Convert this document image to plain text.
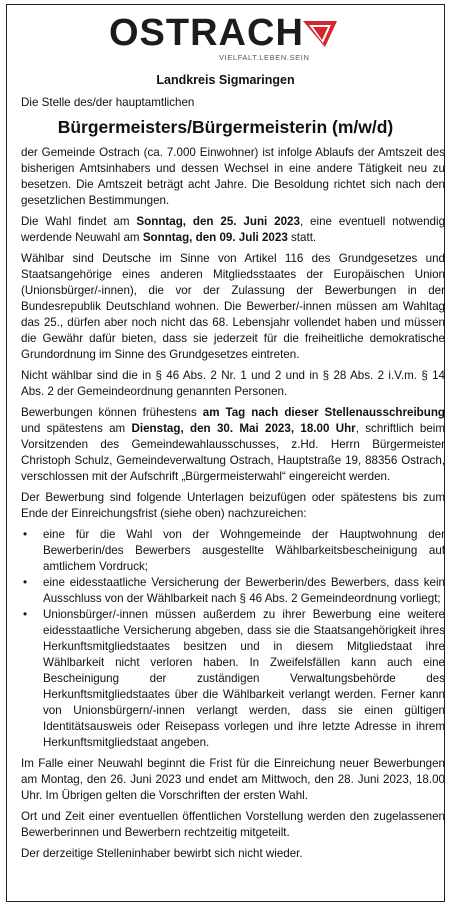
OSTRACH
VIELFALT.LEBEN.SEIN
Landkreis Sigmaringen
Die Stelle des/der hauptamtlichen
Bürgermeisters/Bürgermeisterin (m/w/d)

der Gemeinde Ostrach (ca. 7.000 Einwohner) ist infolge Ablaufs der Amtszeit des bisherigen Amtsinhabers und dessen Wechsel in eine andere Tätigkeit neu zu besetzen. Die Amtszeit beträgt acht Jahre. Die Besoldung richtet sich nach den gesetzlichen Bestimmungen.

Die Wahl findet am Sonntag, den 25. Juni 2023, eine eventuell notwendig werdende Neuwahl am Sonntag, den 09. Juli 2023 statt.

Wählbar sind Deutsche im Sinne von Artikel 116 des Grundgesetzes und Staatsangehörige eines anderen Mitgliedsstaates der Europäischen Union (Unionsbürger/-innen), die vor der Zulassung der Bewerbungen in der Bundesrepublik Deutschland wohnen. Die Bewerber/-innen müssen am Wahltag das 25., dürfen aber noch nicht das 68. Lebensjahr vollendet haben und müssen die Gewähr dafür bieten, dass sie jederzeit für die freiheitliche demokratische Grundordnung im Sinne des Grundgesetzes eintreten.

Nicht wählbar sind die in § 46 Abs. 2 Nr. 1 und 2 und in § 28 Abs. 2 i.V.m. § 14 Abs. 2 der Gemeindeordnung genannten Personen.

Bewerbungen können frühestens am Tag nach dieser Stellenausschreibung und spätestens am Dienstag, den 30. Mai 2023, 18.00 Uhr, schriftlich beim Vorsitzenden des Gemeindewahlausschusses, z.Hd. Herrn Bürgermeister Christoph Schulz, Gemeindeverwaltung Ostrach, Hauptstraße 19, 88356 Ostrach, verschlossen mit der Aufschrift „Bürgermeisterwahl“ eingereicht werden.

Der Bewerbung sind folgende Unterlagen beizufügen oder spätestens bis zum Ende der Einreichungsfrist (siehe oben) nachzureichen:

• eine für die Wahl von der Wohngemeinde der Hauptwohnung der Bewerberin/des Bewerbers ausgestellte Wählbarkeitsbescheinigung auf amtlichem Vordruck;
• eine eidesstaatliche Versicherung der Bewerberin/des Bewerbers, dass kein Ausschluss von der Wählbarkeit nach § 46 Abs. 2 Gemeindeordnung vorliegt;
• Unionsbürger/-innen müssen außerdem zu ihrer Bewerbung eine weitere eidesstaatliche Versicherung abgeben, dass sie die Staatsangehörigkeit ihres Herkunftsmitgliedstaates besitzen und in diesem Mitgliedstaat ihre Wählbarkeit nicht verloren haben. In Zweifelsfällen kann auch eine Bescheinigung der zuständigen Verwaltungsbehörde des Herkunftsmitgliedstaates über die Wählbarkeit verlangt werden. Ferner kann von Unionsbürgern/-innen verlangt werden, dass sie einen gültigen Identitätsausweis oder Reisepass vorlegen und ihre letzte Adresse in ihrem Herkunftsmitgliedstaat angeben.

Im Falle einer Neuwahl beginnt die Frist für die Einreichung neuer Bewerbungen am Montag, den 26. Juni 2023 und endet am Mittwoch, den 28. Juni 2023, 18.00 Uhr. Im Übrigen gelten die Vorschriften der ersten Wahl.

Ort und Zeit einer eventuellen öffentlichen Vorstellung werden den zugelassenen Bewerberinnen und Bewerbern rechtzeitig mitgeteilt.

Der derzeitige Stelleninhaber bewirbt sich nicht wieder.
